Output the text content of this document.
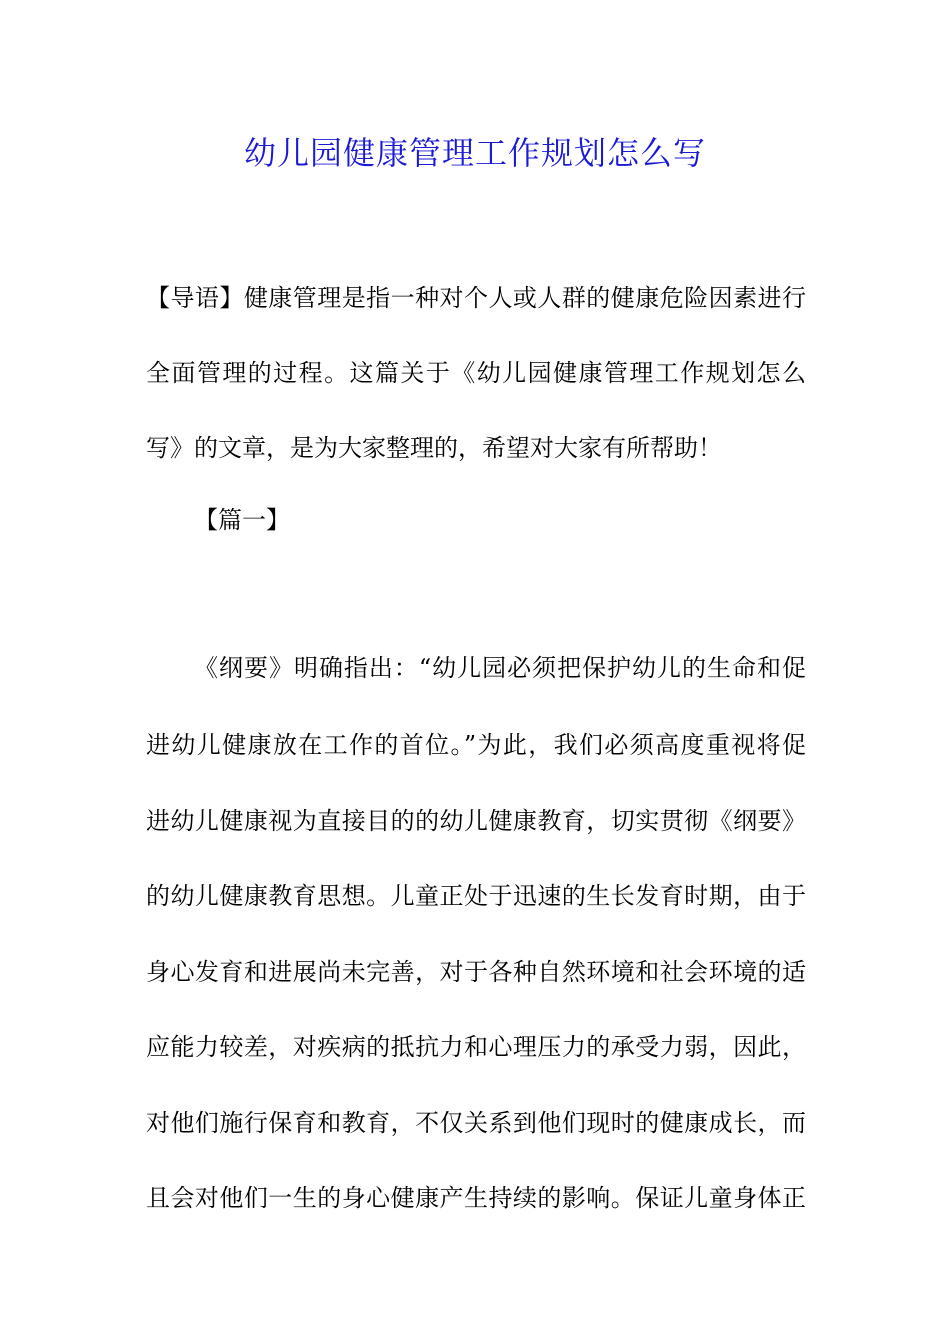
幼儿园健康管理工作规划怎么写
【导语】健康管理是指一种对个人或人群的健康危险因素进行
全面管理的过程。这篇关于《幼儿园健康管理工作规划怎么
写》的文章，是为大家整理的，希望对大家有所帮助！
【篇一】
《纲要》明确指出：“幼儿园必须把保护幼儿的生命和促
进幼儿健康放在工作的首位。”为此，我们必须高度重视将促
进幼儿健康视为直接目的的幼儿健康教育，切实贯彻《纲要》
的幼儿健康教育思想。儿童正处于迅速的生长发育时期，由于
身心发育和进展尚未完善，对于各种自然环境和社会环境的适
应能力较差，对疾病的抵抗力和心理压力的承受力弱，因此，
对他们施行保育和教育，不仅关系到他们现时的健康成长，而
且会对他们一生的身心健康产生持续的影响。保证儿童身体正
